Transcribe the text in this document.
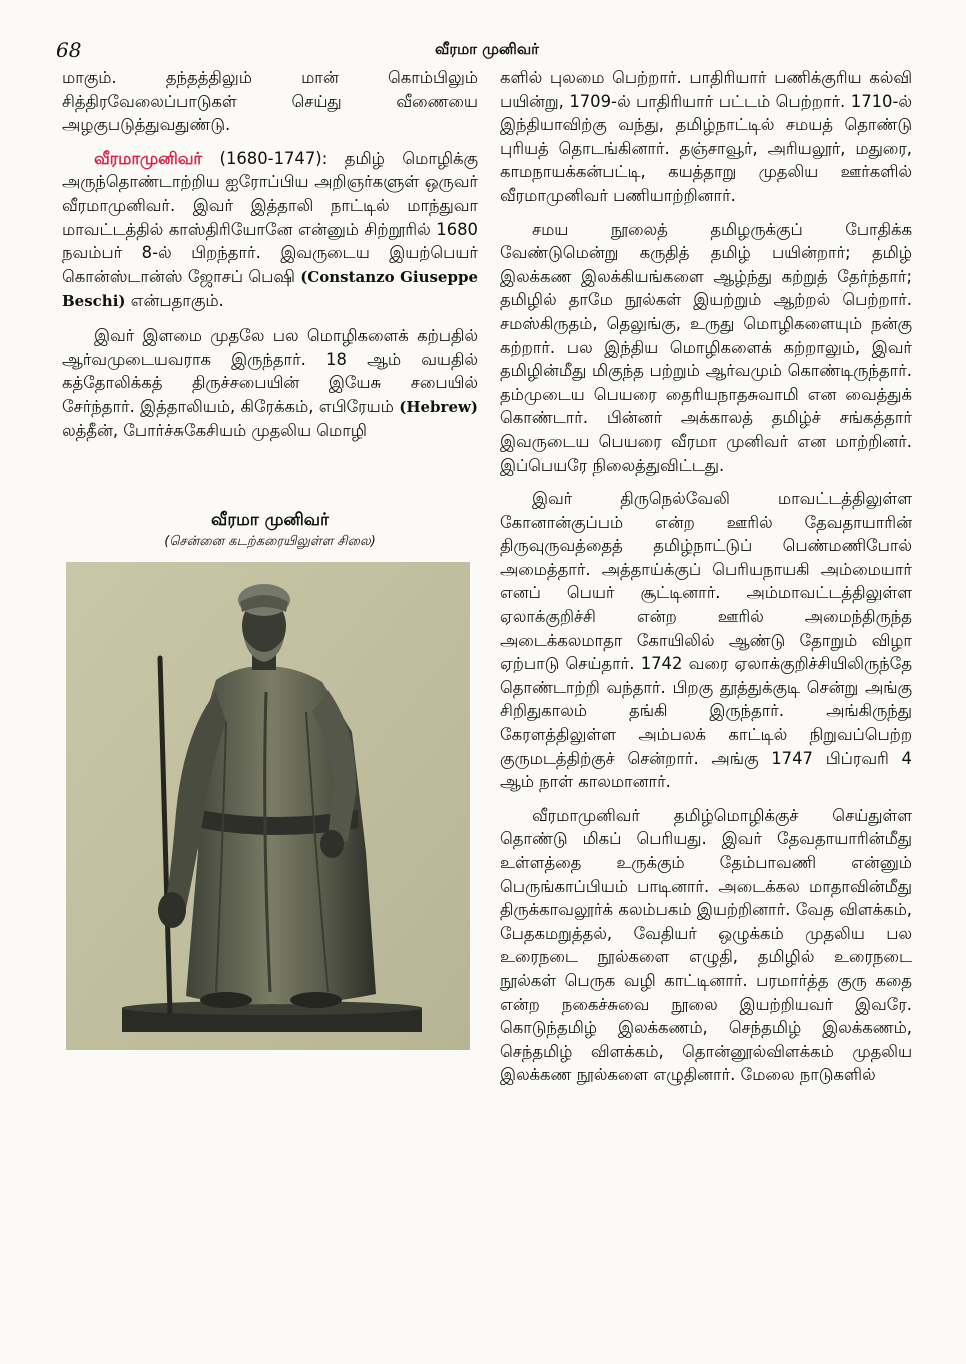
68	வீரமா முனிவர்

மாகும். தந்தத்திலும் மான் கொம்பிலும் சித்திரவேலைப்பாடுகள் செய்து வீணையை அழகுபடுத்துவதுண்டு.

வீரமாமுனிவர் (1680-1747): தமிழ் மொழிக்கு அருந்தொண்டாற்றிய ஐரோப்பிய அறிஞர்களுள் ஒருவர் வீரமாமுனிவர். இவர் இத்தாலி நாட்டில் மாந்துவா மாவட்டத்தில் காஸ்திரியோனே என்னும் சிற்றூரில் 1680 நவம்பர் 8-ல் பிறந்தார். இவருடைய இயற்பெயர் கொன்ஸ்டான்ஸ் ஜோசப் பெஷி (Constanzo Giuseppe Beschi) என்பதாகும்.

இவர் இளமை முதலே பல மொழிகளைக் கற்பதில் ஆர்வமுடையவராக இருந்தார். 18 ஆம் வயதில் கத்தோலிக்கத் திருச்சபையின் இயேசு சபையில் சேர்ந்தார். இத்தாலியம், கிரேக்கம், எபிரேயம் (Hebrew) லத்தீன், போர்ச்சுகேசியம் முதலிய மொழி

வீரமா முனிவர்
(சென்னை கடற்கரையிலுள்ள சிலை)

களில் புலமை பெற்றார். பாதிரியார் பணிக்குரிய கல்வி பயின்று, 1709-ல் பாதிரியார் பட்டம் பெற்றார். 1710-ல் இந்தியாவிற்கு வந்து, தமிழ்நாட்டில் சமயத் தொண்டு புரியத் தொடங்கினார். தஞ்சாவூர், அரியலூர், மதுரை, காமநாயக்கன்பட்டி, கயத்தாறு முதலிய ஊர்களில் வீரமாமுனிவர் பணியாற்றினார்.

சமய நூலைத் தமிழருக்குப் போதிக்க வேண்டுமென்று கருதித் தமிழ் பயின்றார்; தமிழ் இலக்கண இலக்கியங்களை ஆழ்ந்து கற்றுத் தேர்ந்தார்; தமிழில் தாமே நூல்கள் இயற்றும் ஆற்றல் பெற்றார். சமஸ்கிருதம், தெலுங்கு, உருது மொழிகளையும் நன்கு கற்றார். பல இந்திய மொழிகளைக் கற்றாலும், இவர் தமிழின்மீது மிகுந்த பற்றும் ஆர்வமும் கொண்டிருந்தார். தம்முடைய பெயரை தைரியநாதசுவாமி என வைத்துக் கொண்டார். பின்னர் அக்காலத் தமிழ்ச் சங்கத்தார் இவருடைய பெயரை வீரமா முனிவர் என மாற்றினர். இப்பெயரே நிலைத்துவிட்டது.

இவர் திருநெல்வேலி மாவட்டத்திலுள்ள கோனான்குப்பம் என்ற ஊரில் தேவதாயாரின் திருவுருவத்தைத் தமிழ்நாட்டுப் பெண்மணிபோல் அமைத்தார். அத்தாய்க்குப் பெரியநாயகி அம்மையார் எனப் பெயர் சூட்டினார். அம்மாவட்டத்திலுள்ள ஏலாக்குறிச்சி என்ற ஊரில் அமைந்திருந்த அடைக்கலமாதா கோயிலில் ஆண்டு தோறும் விழா ஏற்பாடு செய்தார். 1742 வரை ஏலாக்குறிச்சியிலிருந்தே தொண்டாற்றி வந்தார். பிறகு தூத்துக்குடி சென்று அங்கு சிறிதுகாலம் தங்கி இருந்தார். அங்கிருந்து கேரளத்திலுள்ள அம்பலக் காட்டில் நிறுவப்பெற்ற குருமடத்திற்குச் சென்றார். அங்கு 1747 பிப்ரவரி 4 ஆம் நாள் காலமானார்.

வீரமாமுனிவர் தமிழ்மொழிக்குச் செய்துள்ள தொண்டு மிகப் பெரியது. இவர் தேவதாயாரின்மீது உள்ளத்தை உருக்கும் தேம்பாவணி என்னும் பெருங்காப்பியம் பாடினார். அடைக்கல மாதாவின்மீது திருக்காவலூர்க் கலம்பகம் இயற்றினார். வேத விளக்கம், பேதகமறுத்தல், வேதியர் ஒழுக்கம் முதலிய பல உரைநடை நூல்களை எழுதி, தமிழில் உரைநடை நூல்கள் பெருக வழி காட்டினார். பரமார்த்த குரு கதை என்ற நகைச்சுவை நூலை இயற்றியவர் இவரே. கொடுந்தமிழ் இலக்கணம், செந்தமிழ் இலக்கணம், செந்தமிழ் விளக்கம், தொன்னூல்விளக்கம் முதலிய இலக்கண நூல்களை எழுதினார். மேலை நாடுகளில்
